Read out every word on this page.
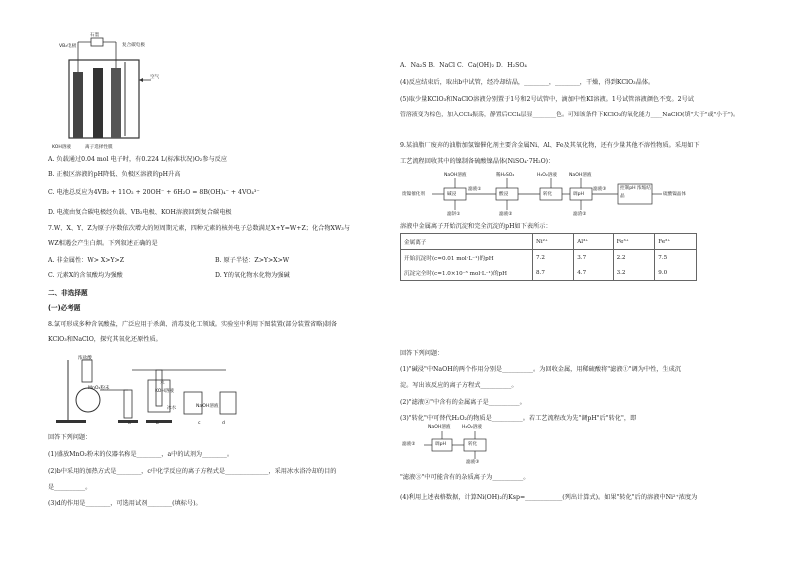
石墨
VB₂电极	复合碳电极
空气
KOH溶液	离子选择性膜
A. 负载通过0.04 mol 电子时，有0.224 L(标准状况)O₂参与反应
B. 正极区溶液的pH降低、负极区溶液的pH升高
C. 电池总反应为4VB₂ + 11O₂ + 20OH⁻ + 6H₂O = 8B(OH)₄⁻ + 4VO₄³⁻
D. 电流由复合碳电极经负载、VB₂电极、KOH溶液回到复合碳电极
7.W、X、Y、Z为原子序数依次增大的短周期元素，四种元素的核外电子总数满足X+Y=W+Z；化合物XW₃与
WZ相遇会产生白烟。下列叙述正确的是
A. 非金属性：W> X>Y>Z	B. 原子半径：Z>Y>X>W
C. 元素X的含氧酸均为强酸	D. Y的氧化物水化物为强碱
二、非选择题
(一)必考题
8.氯可形成多种含氧酸盐，广泛应用于杀菌、消毒及化工领域。实验室中利用下图装置(部分装置省略)制备
KClO₃和NaClO，探究其氧化还原性质。
浓盐酸
MnO₂粉末
水
KOH溶液
冰水	NaOH溶液
a	b	c	d
回答下列问题：
(1)盛放MnO₂粉末的仪器名称是________，a中的试剂为________。
(2)b中采用的加热方式是________，c中化学反应的离子方程式是______________，采用冰水浴冷却的目的
是__________。
(3)d的作用是________，可选用试剂________(填标号)。
A．Na₂S B．NaCl C．Ca(OH)₂ D．H₂SO₄
(4)反应结束后，取出b中试管，经冷却结晶，________，________，干燥，得到KClO₃晶体。
(5)取少量KClO₃和NaClO溶液分别置于1号和2号试管中，滴加中性KI溶液。1号试管溶液颜色不变。2号试
管溶液变为棕色，加入CCl₄振荡，静置后CCl₄层显________色。可知该条件下KClO₃的氧化能力____NaClO(填"大于"或"小于")。
9.某油脂厂废弃的油脂加氢镍催化剂主要含金属Ni、Al、Fe及其氧化物，还有少量其他不溶性物质。采用如下
工艺流程回收其中的镍制备硫酸镍晶体(NiSO₄·7H₂O)：
NaOH溶液	稀H₂SO₄	H₂O₂溶液	NaOH溶液
废镍催化剂	碱浸
滤液①
酸浸	转化	调pH
滤液③	控制pH 浓缩结晶	硫酸镍晶体
滤饼①	滤液②	滤渣②
溶液中金属离子开始沉淀和完全沉淀的pH如下表所示：
金属离子	Ni²⁺	Al³⁺	Fe³⁺	Fe²⁺
开始沉淀时(c=0.01 mol·L⁻¹)的pH	7.2	3.7	2.2	7.5
沉淀完全时(c=1.0×10⁻⁵ mol·L⁻¹)的pH	8.7	4.7	3.2	9.0
回答下列问题：
(1)"碱浸"中NaOH的两个作用分别是__________。为回收金属，用稀硫酸将"滤液①"调为中性，生成沉
淀。写出该反应的离子方程式__________。
(2)"滤液②"中含有的金属离子是__________。
(3)"转化"中可替代H₂O₂的物质是__________。若工艺流程改为先"调pH"后"转化"，即
NaOH溶液 H₂O₂溶液
滤液②	调pH	转化
滤液③
"滤液③"中可能含有的杂质离子为__________。
(4)利用上述表格数据，计算Ni(OH)₂的Ksp=____________(列出计算式)。如果"转化"后的溶液中Ni²⁺浓度为
